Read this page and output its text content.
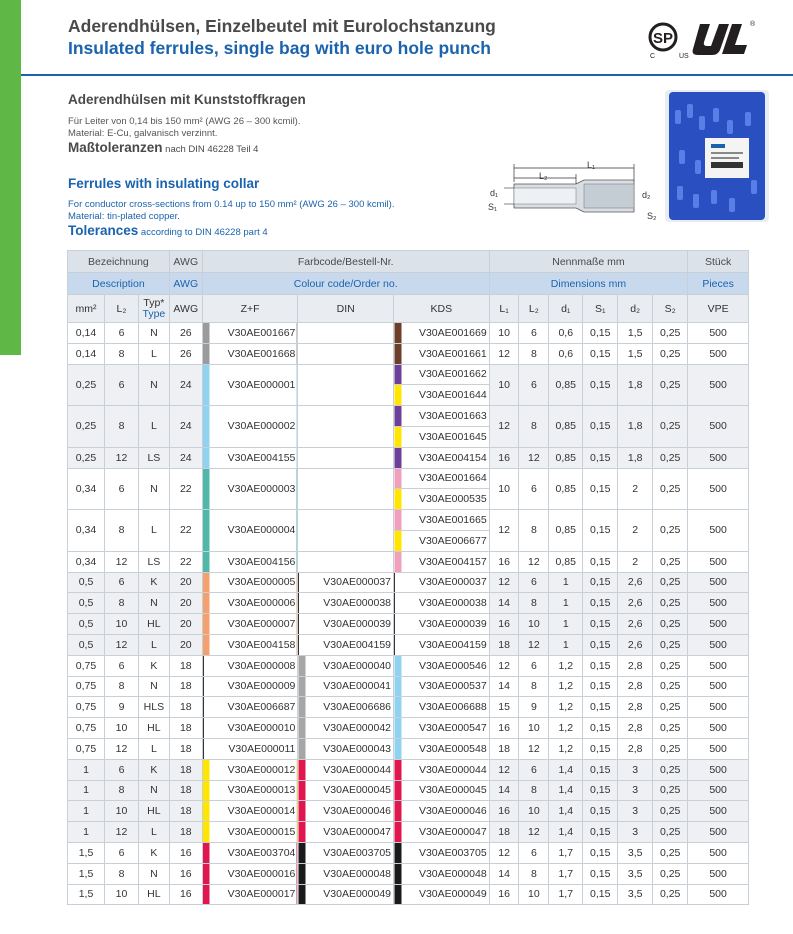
Aderendhülsen, Einzelbeutel mit Eurolochstanzung
Insulated ferrules, single bag with euro hole punch	SP
C	US
®
Aderendhülsen mit Kunststoffkragen
Für Leiter von 0,14 bis 150 mm² (AWG 26 – 300 kcmil).
Material: E-Cu, galvanisch verzinnt.
Maßtoleranzen nach DIN 46228 Teil 4
Ferrules with insulating collar
For conductor cross-sections from 0.14 up to 150 mm² (AWG 26 – 300 kcmil).
Material: tin-plated copper.
Tolerances according to DIN 46228 part 4
L₁
L₂
d₁
S₁
d₂
S₂
Bezeichnung			AWG	Farbcode/Bestell-Nr.			Nennmaße mm						Stück
Description			AWG	Colour code/Order no.			Dimensions mm						Pieces
mm²	L₂	Typ*
Type	AWG	Z+F	DIN	KDS	L₁	L₂	d₁	S₁	d₂	S₂	VPE
0,14	6	N	26	V30AE001667		V30AE001669	10	6	0,6	0,15	1,5	0,25	500
0,14	8	L	26	V30AE001668		V30AE001661	12	8	0,6	0,15	1,5	0,25	500
0,25	6	N	24	V30AE000001		V30AE001662	10	6	0,85	0,15	1,8	0,25	500
						V30AE001644							
0,25	8	L	24	V30AE000002		V30AE001663	12	8	0,85	0,15	1,8	0,25	500
						V30AE001645							
0,25	12	LS	24	V30AE004155		V30AE004154	16	12	0,85	0,15	1,8	0,25	500
0,34	6	N	22	V30AE000003		V30AE001664	10	6	0,85	0,15	2	0,25	500
						V30AE000535							
0,34	8	L	22	V30AE000004		V30AE001665	12	8	0,85	0,15	2	0,25	500
						V30AE006677							
0,34	12	LS	22	V30AE004156		V30AE004157	16	12	0,85	0,15	2	0,25	500
0,5	6	K	20	V30AE000005	V30AE000037	V30AE000037	12	6	1	0,15	2,6	0,25	500
0,5	8	N	20	V30AE000006	V30AE000038	V30AE000038	14	8	1	0,15	2,6	0,25	500
0,5	10	HL	20	V30AE000007	V30AE000039	V30AE000039	16	10	1	0,15	2,6	0,25	500
0,5	12	L	20	V30AE004158	V30AE004159	V30AE004159	18	12	1	0,15	2,6	0,25	500
0,75	6	K	18	V30AE000008	V30AE000040	V30AE000546	12	6	1,2	0,15	2,8	0,25	500
0,75	8	N	18	V30AE000009	V30AE000041	V30AE000537	14	8	1,2	0,15	2,8	0,25	500
0,75	9	HLS	18	V30AE006687	V30AE006686	V30AE006688	15	9	1,2	0,15	2,8	0,25	500
0,75	10	HL	18	V30AE000010	V30AE000042	V30AE000547	16	10	1,2	0,15	2,8	0,25	500
0,75	12	L	18	V30AE000011	V30AE000043	V30AE000548	18	12	1,2	0,15	2,8	0,25	500
1	6	K	18	V30AE000012	V30AE000044	V30AE000044	12	6	1,4	0,15	3	0,25	500
1	8	N	18	V30AE000013	V30AE000045	V30AE000045	14	8	1,4	0,15	3	0,25	500
1	10	HL	18	V30AE000014	V30AE000046	V30AE000046	16	10	1,4	0,15	3	0,25	500
1	12	L	18	V30AE000015	V30AE000047	V30AE000047	18	12	1,4	0,15	3	0,25	500
1,5	6	K	16	V30AE003704	V30AE003705	V30AE003705	12	6	1,7	0,15	3,5	0,25	500
1,5	8	N	16	V30AE000016	V30AE000048	V30AE000048	14	8	1,7	0,15	3,5	0,25	500
1,5	10	HL	16	V30AE000017	V30AE000049	V30AE000049	16	10	1,7	0,15	3,5	0,25	500
